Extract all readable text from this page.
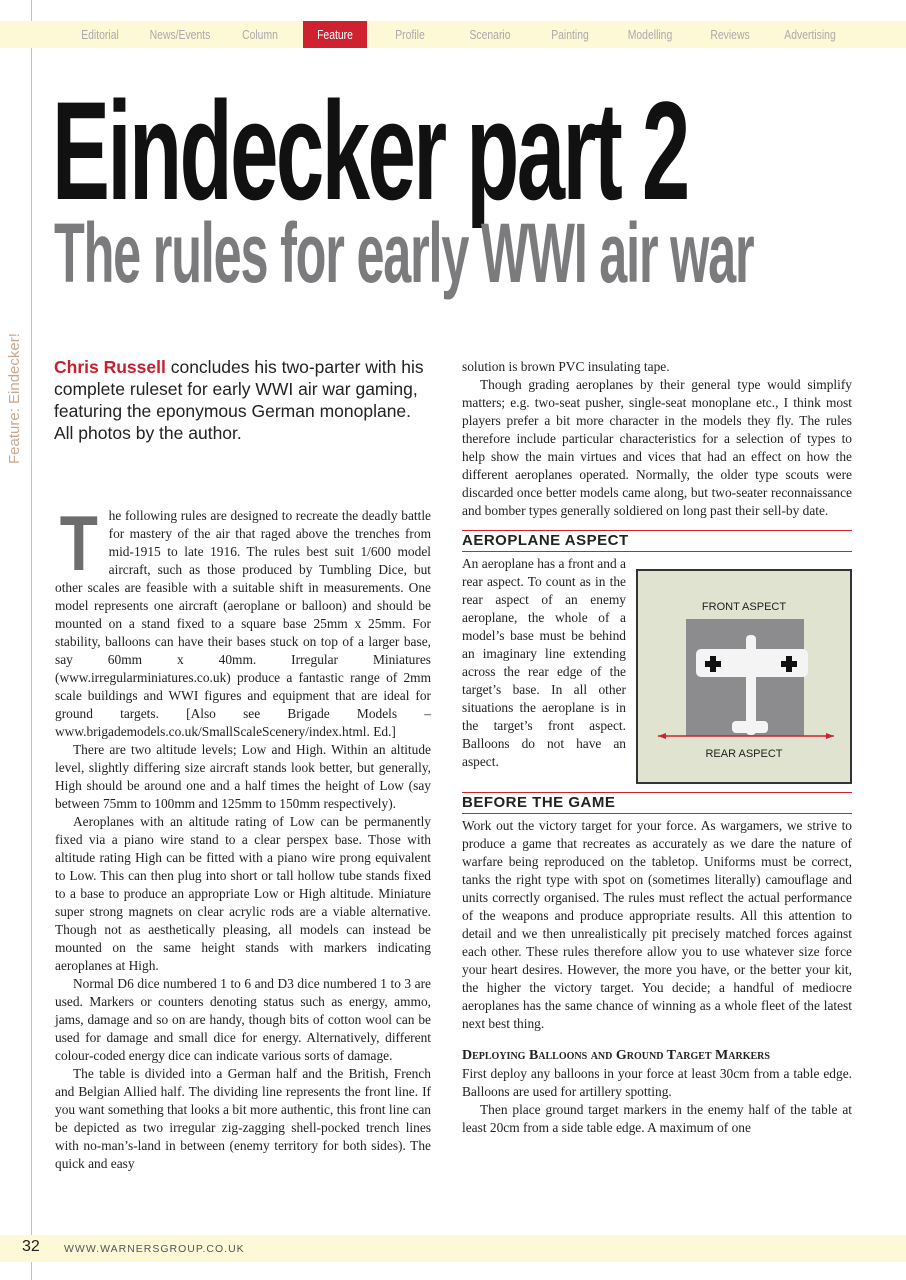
Editorial	News/Events	Column	Feature	Profile	Scenario	Painting	Modelling	Reviews	Advertising
Eindecker part 2
The rules for early WWI air war
Feature: Eindecker! Chris Russell concludes his two-parter with his complete ruleset for early WWI air war gaming, featuring the eponymous German monoplane. All photos by the author.
T he following rules are designed to recreate the deadly battle for mastery of the air that raged above the trenches from mid-1915 to late 1916. The rules best suit 1/600 model aircraft, such as those produced by Tumbling Dice, but other scales are feasible with a suitable shift in measurements. One model represents one aircraft (aeroplane or balloon) and should be mounted on a stand fixed to a square base 25mm x 25mm. For stability, balloons can have their bases stuck on top of a larger base, say 60mm x 40mm. Irregular Miniatures (www.irregularminiatures.co.uk) produce a fantastic range of 2mm scale buildings and WWI figures and equipment that are ideal for ground targets. [Also see Brigade Models – www.brigademodels.co.uk/SmallScaleScenery/index.html. Ed.]

There are two altitude levels; Low and High. Within an altitude level, slightly differing size aircraft stands look better, but generally, High should be around one and a half times the height of Low (say between 75mm to 100mm and 125mm to 150mm respectively).

Aeroplanes with an altitude rating of Low can be permanently fixed via a piano wire stand to a clear perspex base. Those with altitude rating High can be fitted with a piano wire prong equivalent to Low. This can then plug into short or tall hollow tube stands fixed to a base to produce an appropriate Low or High altitude. Miniature super strong magnets on clear acrylic rods are a viable alternative. Though not as aesthetically pleasing, all models can instead be mounted on the same height stands with markers indicating aeroplanes at High.

Normal D6 dice numbered 1 to 6 and D3 dice numbered 1 to 3 are used. Markers or counters denoting status such as energy, ammo, jams, damage and so on are handy, though bits of cotton wool can be used for damage and small dice for energy. Alternatively, different colour-coded energy dice can indicate various sorts of damage.

The table is divided into a German half and the British, French and Belgian Allied half. The dividing line represents the front line. If you want something that looks a bit more authentic, this front line can be depicted as two irregular zig-zagging shell-pocked trench lines with no-man’s-land in between (enemy territory for both sides). The quick and easy

solution is brown PVC insulating tape.

Though grading aeroplanes by their general type would simplify matters; e.g. two-seat pusher, single-seat monoplane etc., I think most players prefer a bit more character in the models they fly. The rules therefore include particular characteristics for a selection of types to help show the main virtues and vices that had an effect on how the different aeroplanes operated. Normally, the older type scouts were discarded once better models came along, but two-seater reconnaissance and bomber types generally soldiered on long past their sell-by date.

AEROPLANE ASPECT
FRONT ASPECT
REAR ASPECT

An aeroplane has a front and a rear aspect. To count as in the rear aspect of an enemy aeroplane, the whole of a model’s base must be behind an imaginary line extending across the rear edge of the target’s base. In all other situations the aeroplane is in the target’s front aspect. Balloons do not have an aspect.

BEFORE THE GAME

Work out the victory target for your force. As wargamers, we strive to produce a game that recreates as accurately as we dare the nature of warfare being reproduced on the tabletop. Uniforms must be correct, tanks the right type with spot on (sometimes literally) camouflage and units correctly organised. The rules must reflect the actual performance of the weapons and produce appropriate results. All this attention to detail and we then unrealistically pit precisely matched forces against each other. These rules therefore allow you to use whatever size force your heart desires. However, the more you have, or the better your kit, the higher the victory target. You decide; a handful of mediocre aeroplanes has the same chance of winning as a whole fleet of the latest next best thing.

Deploying Balloons and Ground Target Markers

First deploy any balloons in your force at least 30cm from a table edge. Balloons are used for artillery spotting.

Then place ground target markers in the enemy half of the table at least 20cm from a side table edge. A maximum of one

32 WWW.WARNERSGROUP.CO.UK
